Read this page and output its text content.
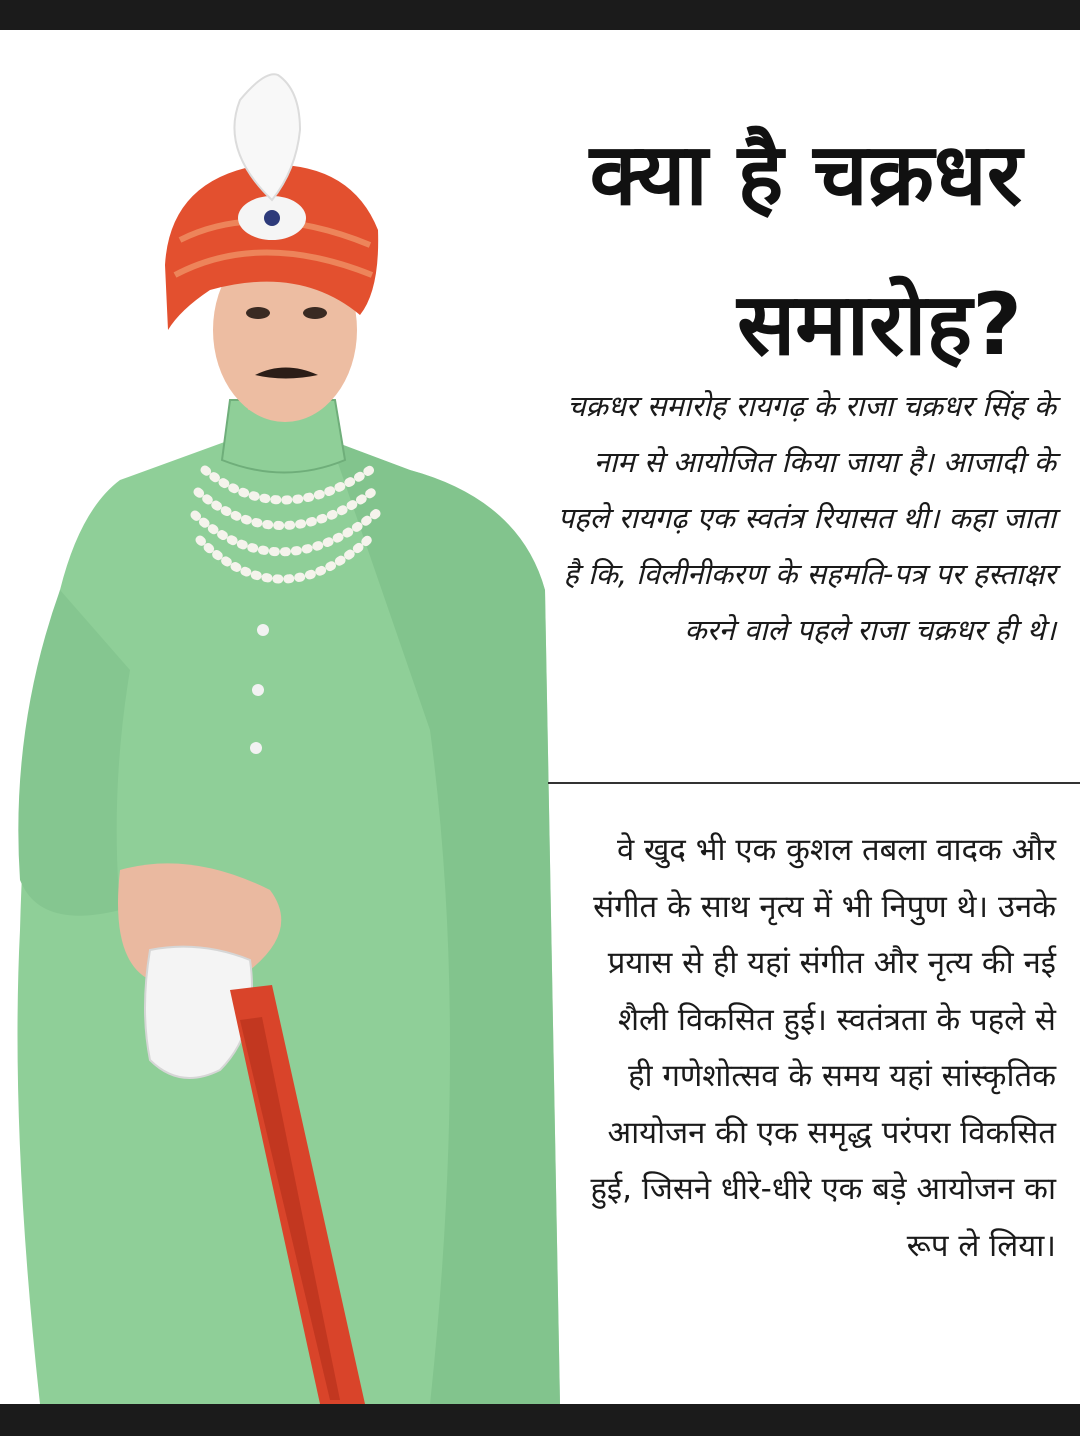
क्या है चक्रधर समारोह?

चक्रधर समारोह रायगढ़ के राजा चक्रधर सिंह के नाम से आयोजित किया जाया है। आजादी के पहले रायगढ़ एक स्वतंत्र रियासत थी। कहा जाता है कि, विलीनीकरण के सहमति-पत्र पर हस्ताक्षर करने वाले पहले राजा चक्रधर ही थे।

वे खुद भी एक कुशल तबला वादक और संगीत के साथ नृत्य में भी निपुण थे। उनके प्रयास से ही यहां संगीत और नृत्य की नई शैली विकसित हुई। स्वतंत्रता के पहले से ही गणेशोत्सव के समय यहां सांस्कृतिक आयोजन की एक समृद्ध परंपरा विकसित हुई, जिसने धीरे-धीरे एक बड़े आयोजन का रूप ले लिया।
